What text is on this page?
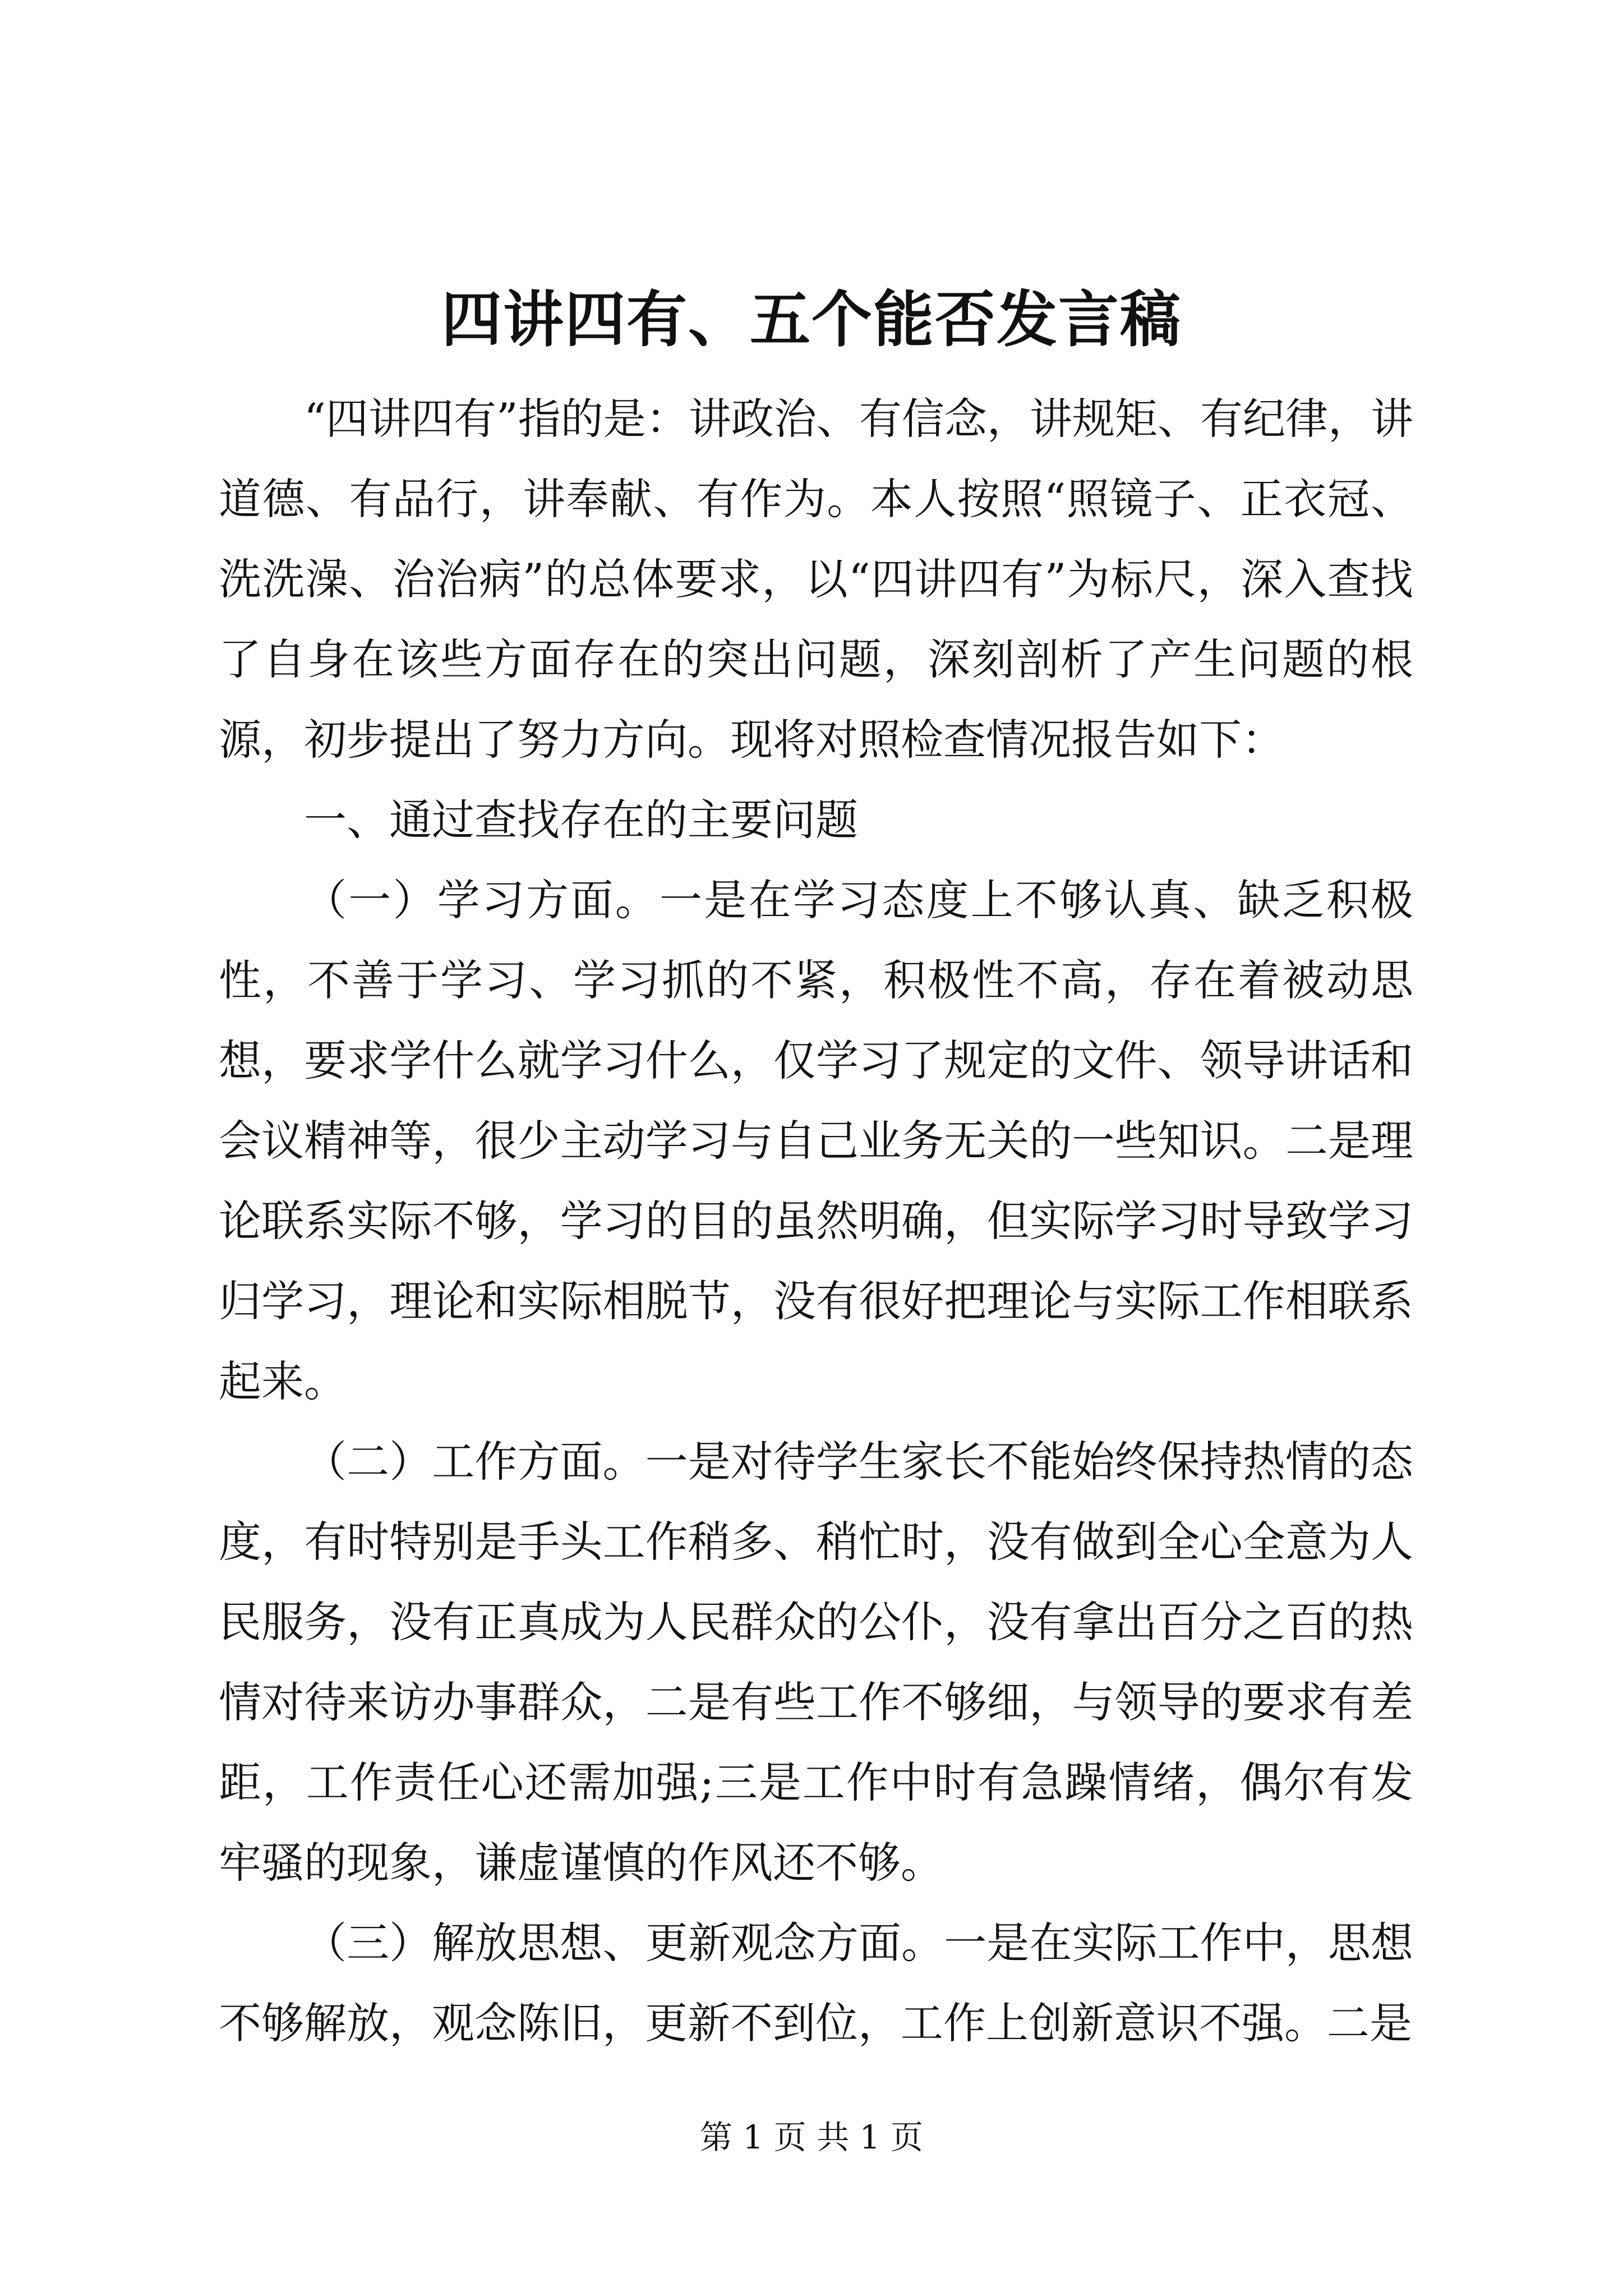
四讲四有、五个能否发言稿

“四讲四有”指的是：讲政治、有信念，讲规矩、有纪律，讲道德、有品行，讲奉献、有作为。本人按照“照镜子、正衣冠、洗洗澡、治治病”的总体要求，以“四讲四有”为标尺，深入查找了自身在该些方面存在的突出问题，深刻剖析了产生问题的根源，初步提出了努力方向。现将对照检查情况报告如下：

一、通过查找存在的主要问题

（一）学习方面。一是在学习态度上不够认真、缺乏积极性，不善于学习、学习抓的不紧，积极性不高，存在着被动思想，要求学什么就学习什么，仅学习了规定的文件、领导讲话和会议精神等，很少主动学习与自己业务无关的一些知识。二是理论联系实际不够，学习的目的虽然明确，但实际学习时导致学习归学习，理论和实际相脱节，没有很好把理论与实际工作相联系起来。

（二）工作方面。一是对待学生家长不能始终保持热情的态度，有时特别是手头工作稍多、稍忙时，没有做到全心全意为人民服务，没有正真成为人民群众的公仆，没有拿出百分之百的热情对待来访办事群众，二是有些工作不够细，与领导的要求有差距，工作责任心还需加强;三是工作中时有急躁情绪，偶尔有发牢骚的现象，谦虚谨慎的作风还不够。

（三）解放思想、更新观念方面。一是在实际工作中，思想不够解放，观念陈旧，更新不到位，工作上创新意识不强。二是

第 1 页 共 1 页
